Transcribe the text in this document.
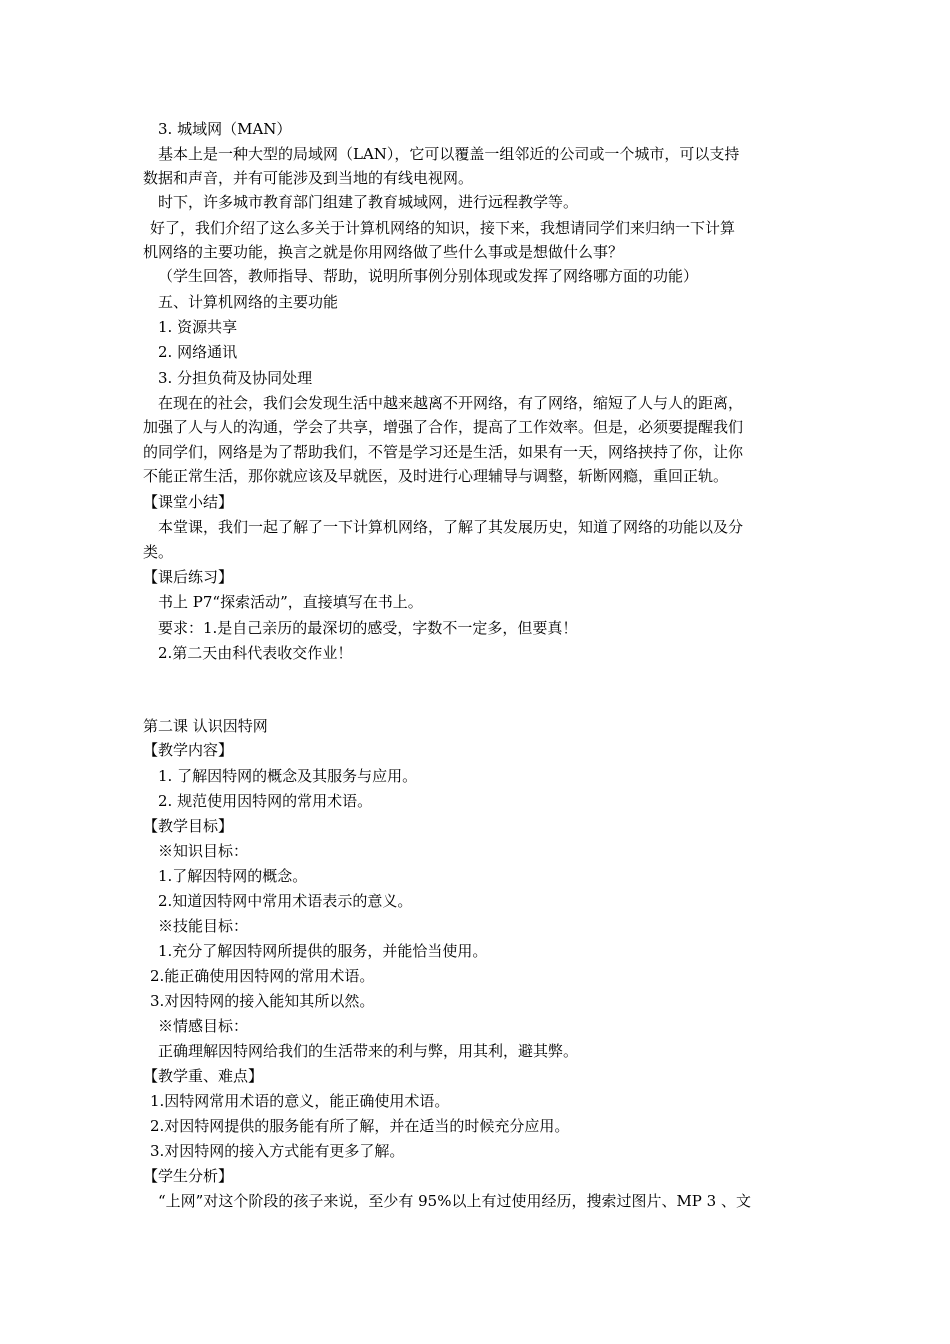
3. 城域网（MAN）
基本上是一种大型的局域网（LAN），它可以覆盖一组邻近的公司或一个城市，可以支持
数据和声音，并有可能涉及到当地的有线电视网。
时下，许多城市教育部门组建了教育城域网，进行远程教学等。
好了，我们介绍了这么多关于计算机网络的知识，接下来，我想请同学们来归纳一下计算
机网络的主要功能，换言之就是你用网络做了些什么事或是想做什么事？
（学生回答，教师指导、帮助，说明所事例分别体现或发挥了网络哪方面的功能）
五、计算机网络的主要功能
1. 资源共享
2. 网络通讯
3. 分担负荷及协同处理
在现在的社会，我们会发现生活中越来越离不开网络，有了网络，缩短了人与人的距离，
加强了人与人的沟通，学会了共享，增强了合作，提高了工作效率。但是，必须要提醒我们
的同学们，网络是为了帮助我们，不管是学习还是生活，如果有一天，网络挟持了你，让你
不能正常生活，那你就应该及早就医，及时进行心理辅导与调整，斩断网瘾，重回正轨。
【课堂小结】
本堂课，我们一起了解了一下计算机网络，了解了其发展历史，知道了网络的功能以及分
类。
【课后练习】
书上 P7“探索活动”，直接填写在书上。
要求：1.是自己亲历的最深切的感受，字数不一定多，但要真！
2.第二天由科代表收交作业！
第二课 认识因特网
【教学内容】
1. 了解因特网的概念及其服务与应用。
2. 规范使用因特网的常用术语。
【教学目标】
※知识目标：
1.了解因特网的概念。
2.知道因特网中常用术语表示的意义。
※技能目标：
1.充分了解因特网所提供的服务，并能恰当使用。
2.能正确使用因特网的常用术语。
3.对因特网的接入能知其所以然。
※情感目标：
正确理解因特网给我们的生活带来的利与弊，用其利，避其弊。
【教学重、难点】
1.因特网常用术语的意义，能正确使用术语。
2.对因特网提供的服务能有所了解，并在适当的时候充分应用。
3.对因特网的接入方式能有更多了解。
【学生分析】
“上网”对这个阶段的孩子来说，至少有 95%以上有过使用经历，搜索过图片、MP 3 、文
